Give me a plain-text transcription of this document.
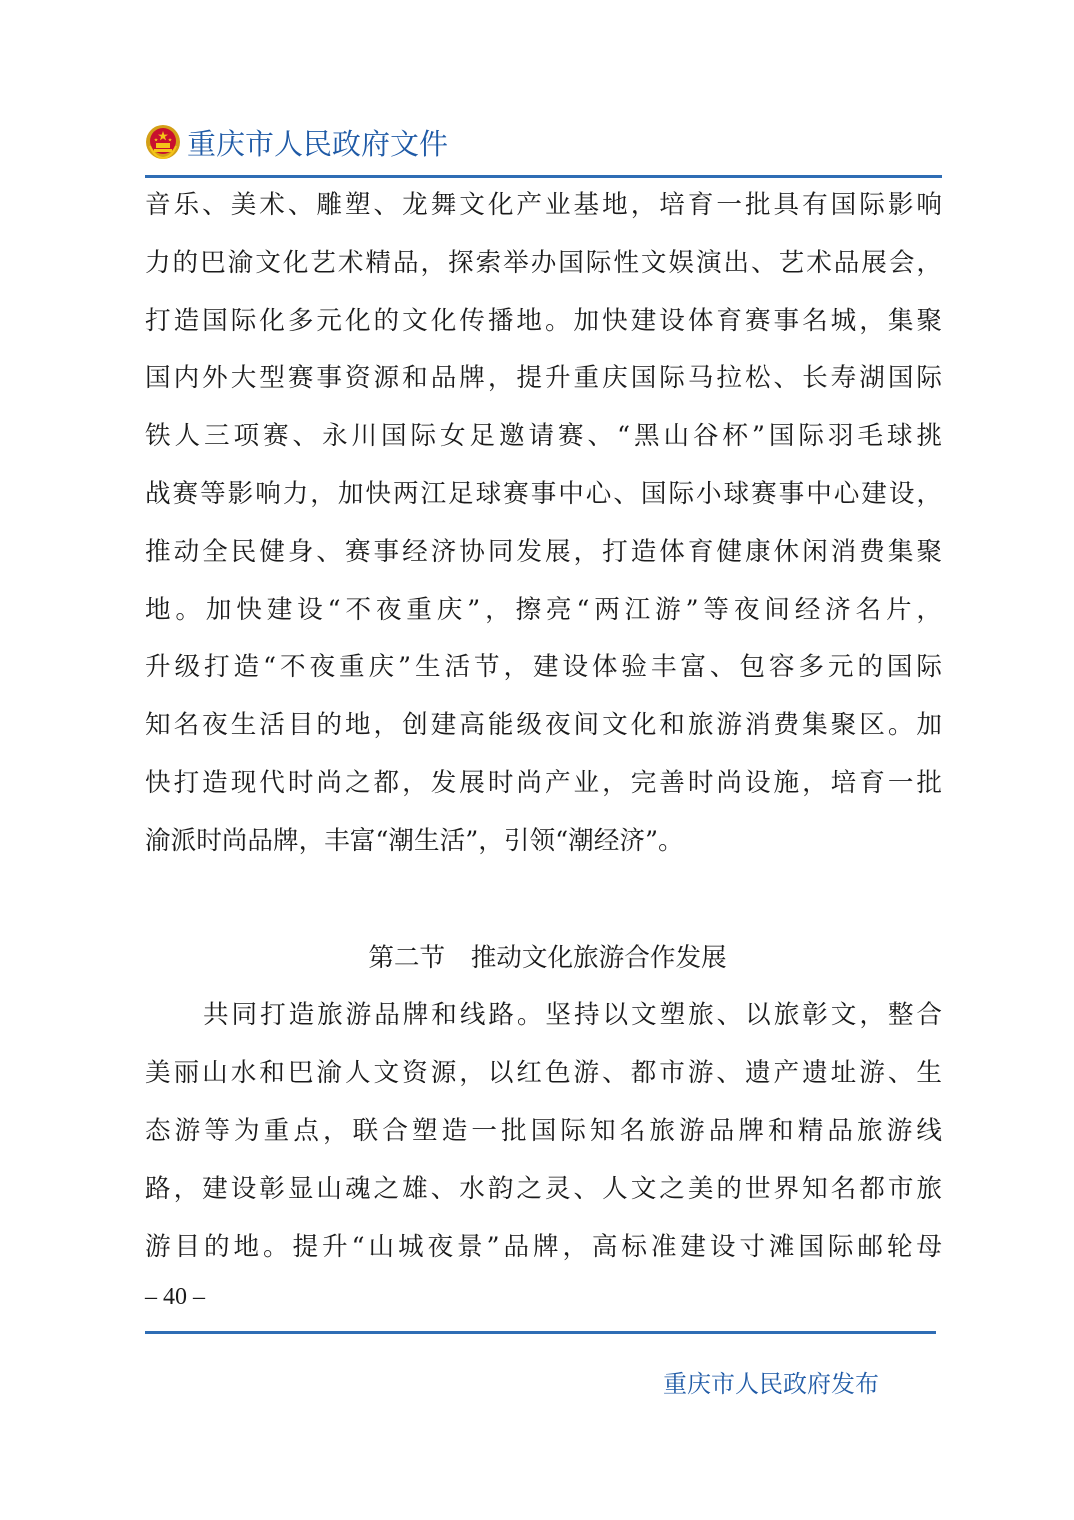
重庆市人民政府文件
音乐、美术、雕塑、龙舞文化产业基地，培育一批具有国际影响
力的巴渝文化艺术精品，探索举办国际性文娱演出、艺术品展会，
打造国际化多元化的文化传播地。加快建设体育赛事名城，集聚
国内外大型赛事资源和品牌，提升重庆国际马拉松、长寿湖国际
铁人三项赛、永川国际女足邀请赛、“黑山谷杯”国际羽毛球挑
战赛等影响力，加快两江足球赛事中心、国际小球赛事中心建设，
推动全民健身、赛事经济协同发展，打造体育健康休闲消费集聚
地。加快建设“不夜重庆”，擦亮“两江游”等夜间经济名片，
升级打造“不夜重庆”生活节，建设体验丰富、包容多元的国际
知名夜生活目的地，创建高能级夜间文化和旅游消费集聚区。加
快打造现代时尚之都，发展时尚产业，完善时尚设施，培育一批
渝派时尚品牌，丰富“潮生活”，引领“潮经济”。
第二节　推动文化旅游合作发展
共同打造旅游品牌和线路。坚持以文塑旅、以旅彰文，整合
美丽山水和巴渝人文资源，以红色游、都市游、遗产遗址游、生
态游等为重点，联合塑造一批国际知名旅游品牌和精品旅游线
路，建设彰显山魂之雄、水韵之灵、人文之美的世界知名都市旅
游目的地。提升“山城夜景”品牌，高标准建设寸滩国际邮轮母
– 40 –
重庆市人民政府发布
